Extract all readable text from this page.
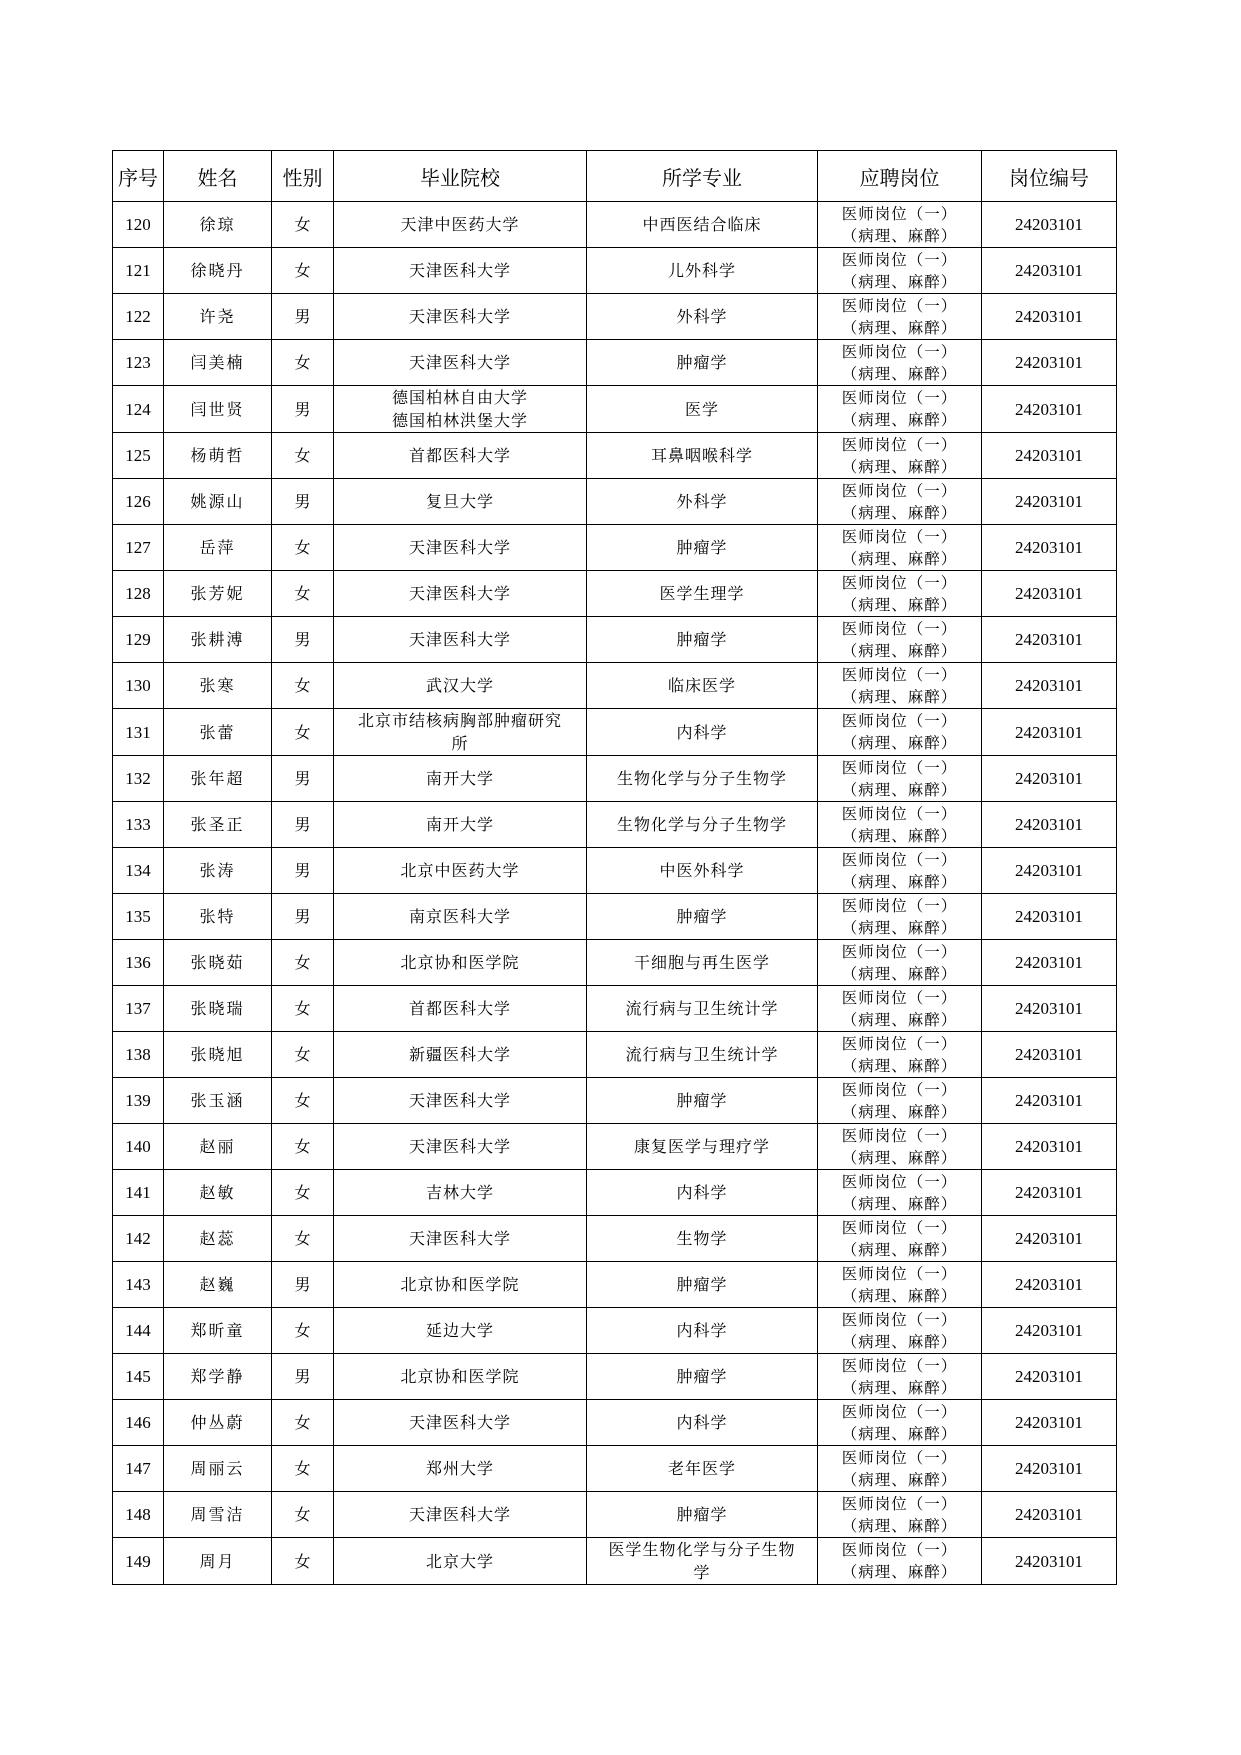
序号	姓名	性别	毕业院校	所学专业	应聘岗位	岗位编号
120	徐琼	女	天津中医药大学	中西医结合临床	医师岗位（一）
（病理、麻醉）	24203101
121	徐晓丹	女	天津医科大学	儿外科学	医师岗位（一）
（病理、麻醉）	24203101
122	许尧	男	天津医科大学	外科学	医师岗位（一）
（病理、麻醉）	24203101
123	闫美楠	女	天津医科大学	肿瘤学	医师岗位（一）
（病理、麻醉）	24203101
124	闫世贤	男	德国柏林自由大学
德国柏林洪堡大学	医学	医师岗位（一）
（病理、麻醉）	24203101
125	杨萌哲	女	首都医科大学	耳鼻咽喉科学	医师岗位（一）
（病理、麻醉）	24203101
126	姚源山	男	复旦大学	外科学	医师岗位（一）
（病理、麻醉）	24203101
127	岳萍	女	天津医科大学	肿瘤学	医师岗位（一）
（病理、麻醉）	24203101
128	张芳妮	女	天津医科大学	医学生理学	医师岗位（一）
（病理、麻醉）	24203101
129	张耕溥	男	天津医科大学	肿瘤学	医师岗位（一）
（病理、麻醉）	24203101
130	张寒	女	武汉大学	临床医学	医师岗位（一）
（病理、麻醉）	24203101
131	张蕾	女	北京市结核病胸部肿瘤研究
所	内科学	医师岗位（一）
（病理、麻醉）	24203101
132	张年超	男	南开大学	生物化学与分子生物学	医师岗位（一）
（病理、麻醉）	24203101
133	张圣正	男	南开大学	生物化学与分子生物学	医师岗位（一）
（病理、麻醉）	24203101
134	张涛	男	北京中医药大学	中医外科学	医师岗位（一）
（病理、麻醉）	24203101
135	张特	男	南京医科大学	肿瘤学	医师岗位（一）
（病理、麻醉）	24203101
136	张晓茹	女	北京协和医学院	干细胞与再生医学	医师岗位（一）
（病理、麻醉）	24203101
137	张晓瑞	女	首都医科大学	流行病与卫生统计学	医师岗位（一）
（病理、麻醉）	24203101
138	张晓旭	女	新疆医科大学	流行病与卫生统计学	医师岗位（一）
（病理、麻醉）	24203101
139	张玉涵	女	天津医科大学	肿瘤学	医师岗位（一）
（病理、麻醉）	24203101
140	赵丽	女	天津医科大学	康复医学与理疗学	医师岗位（一）
（病理、麻醉）	24203101
141	赵敏	女	吉林大学	内科学	医师岗位（一）
（病理、麻醉）	24203101
142	赵蕊	女	天津医科大学	生物学	医师岗位（一）
（病理、麻醉）	24203101
143	赵巍	男	北京协和医学院	肿瘤学	医师岗位（一）
（病理、麻醉）	24203101
144	郑昕童	女	延边大学	内科学	医师岗位（一）
（病理、麻醉）	24203101
145	郑学静	男	北京协和医学院	肿瘤学	医师岗位（一）
（病理、麻醉）	24203101
146	仲丛蔚	女	天津医科大学	内科学	医师岗位（一）
（病理、麻醉）	24203101
147	周丽云	女	郑州大学	老年医学	医师岗位（一）
（病理、麻醉）	24203101
148	周雪洁	女	天津医科大学	肿瘤学	医师岗位（一）
（病理、麻醉）	24203101
149	周月	女	北京大学	医学生物化学与分子生物
学	医师岗位（一）
（病理、麻醉）	24203101
